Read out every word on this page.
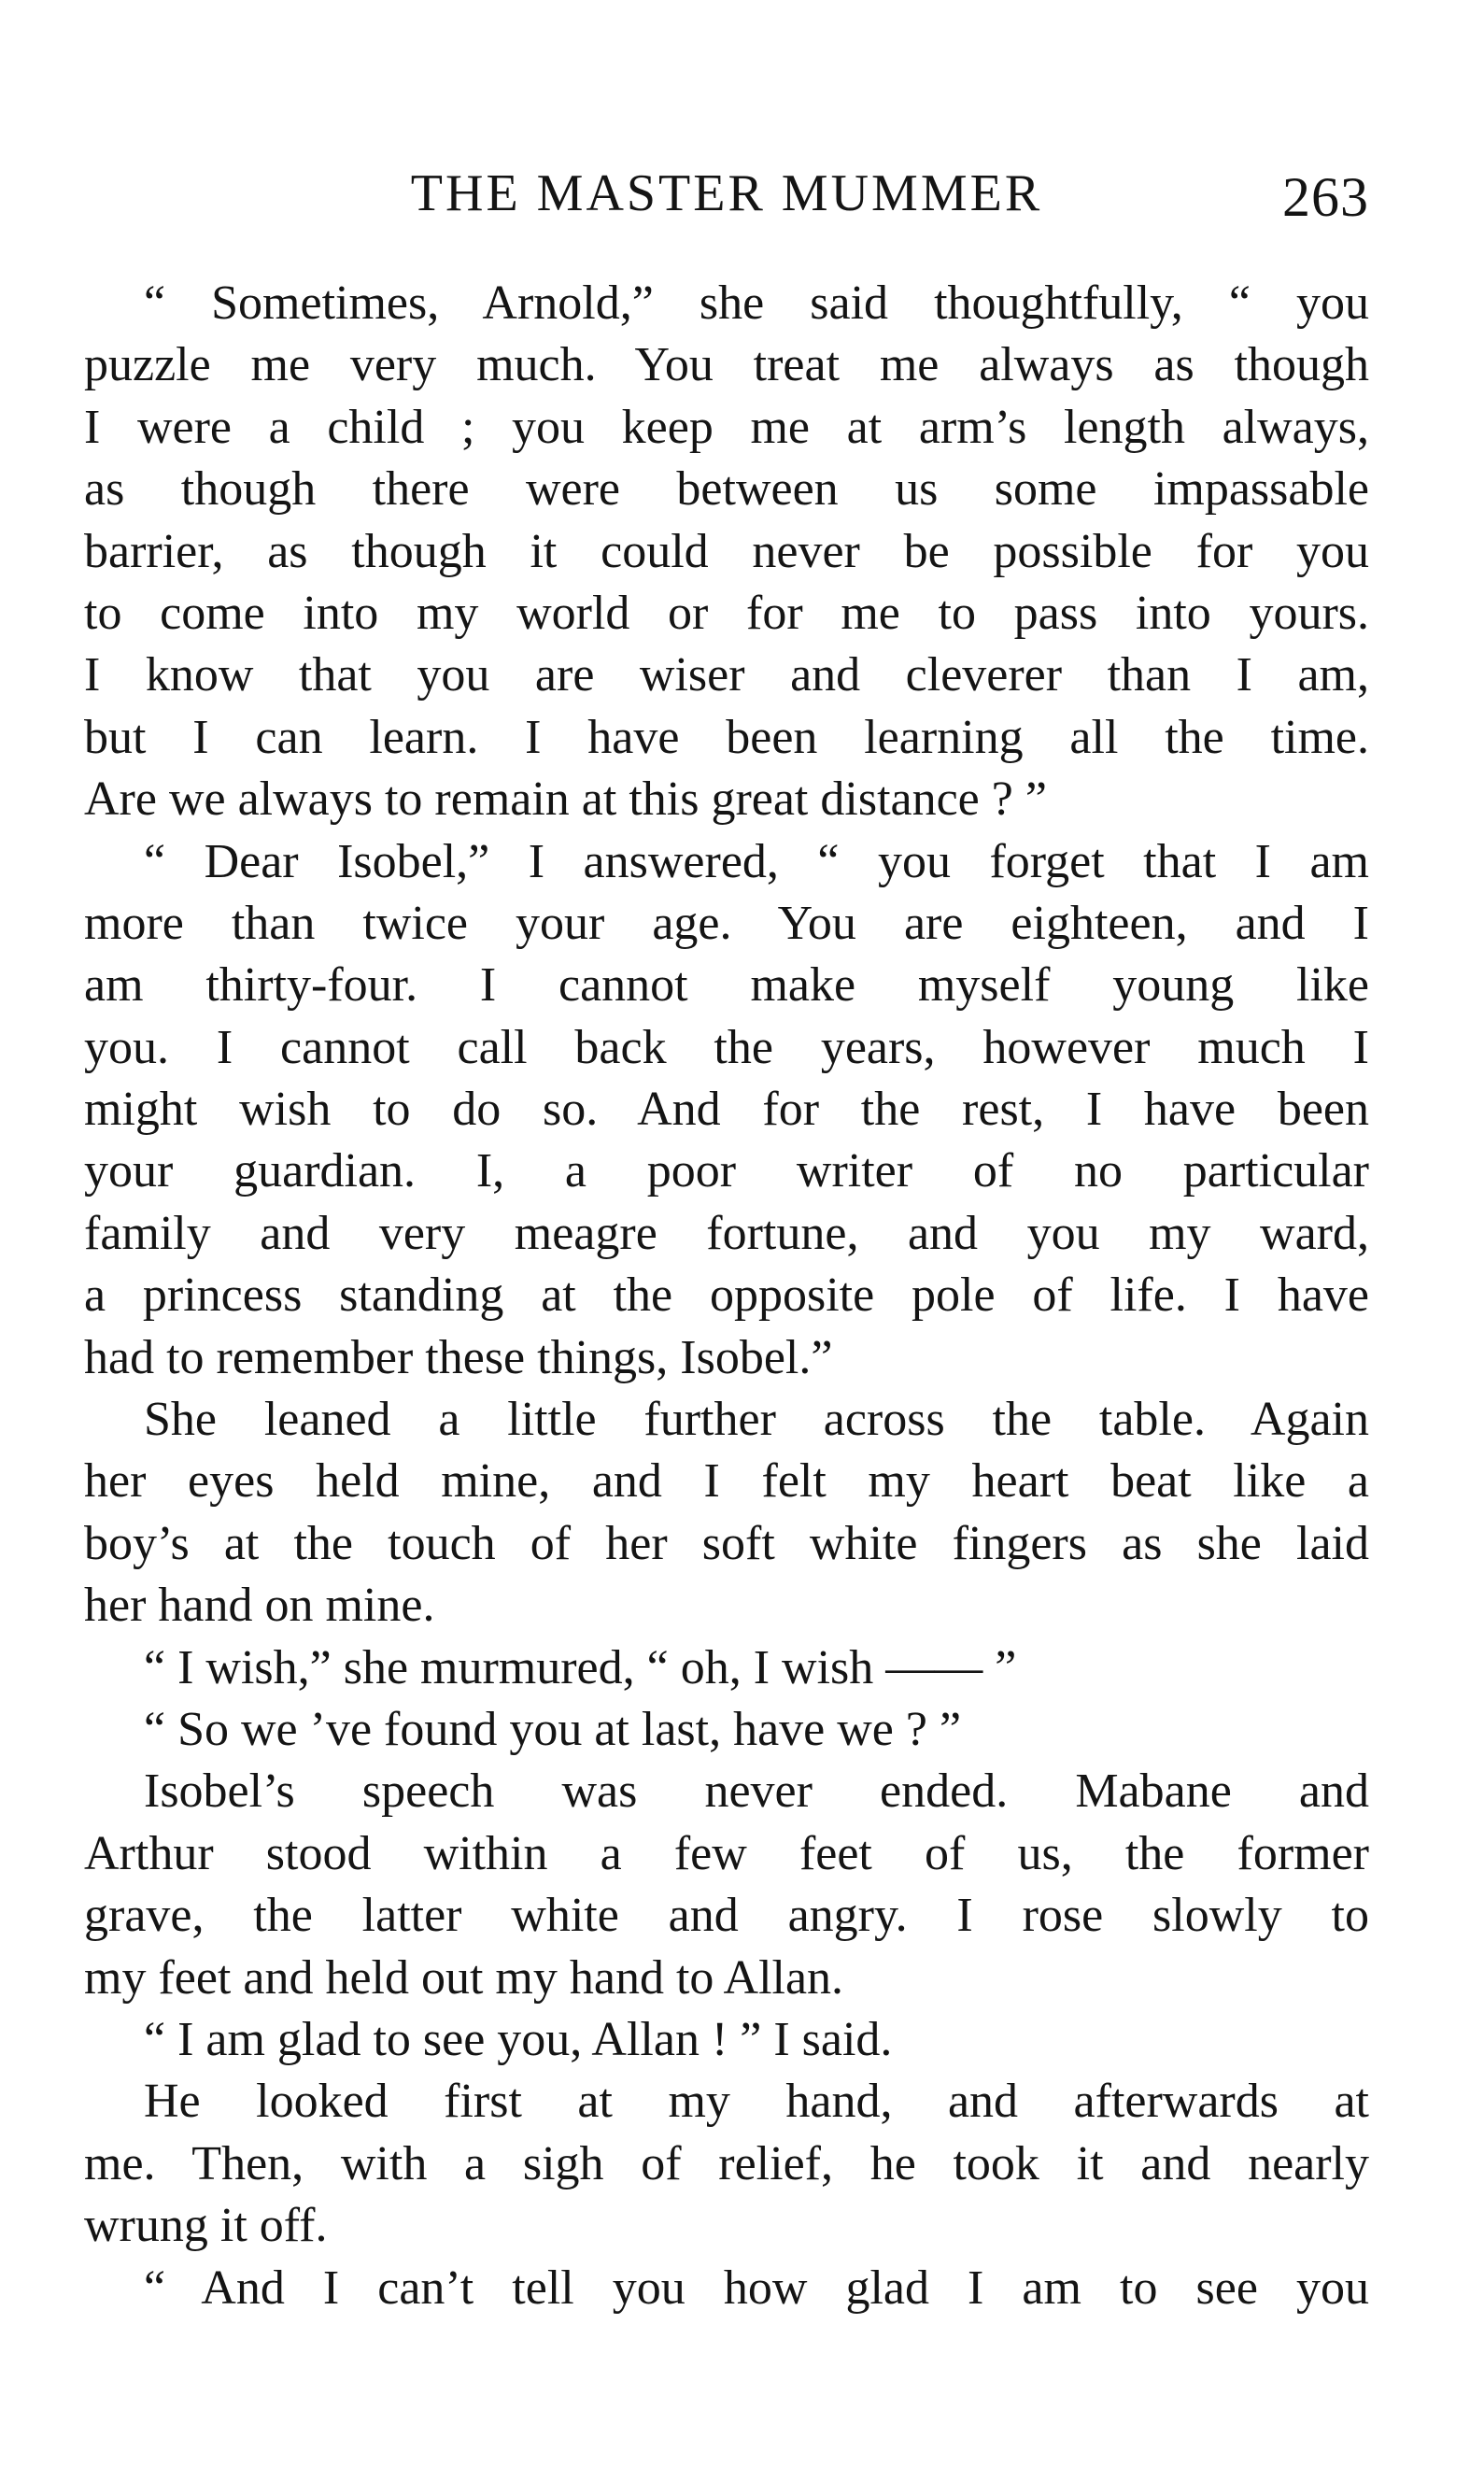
THE MASTER MUMMER	263
“ Sometimes, Arnold,” she said thoughtfully, “ you
puzzle me very much. You treat me always as though
I were a child ; you keep me at arm’s length always,
as though there were between us some impassable
barrier, as though it could never be possible for you
to come into my world or for me to pass into yours.
I know that you are wiser and cleverer than I am,
but I can learn. I have been learning all the time.
Are we always to remain at this great distance ? ”
“ Dear Isobel,” I answered, “ you forget that I am
more than twice your age. You are eighteen, and I
am thirty-four. I cannot make myself young like
you. I cannot call back the years, however much I
might wish to do so. And for the rest, I have been
your guardian. I, a poor writer of no particular
family and very meagre fortune, and you my ward,
a princess standing at the opposite pole of life. I have
had to remember these things, Isobel.”
She leaned a little further across the table. Again
her eyes held mine, and I felt my heart beat like a
boy’s at the touch of her soft white fingers as she laid
her hand on mine.
“ I wish,” she murmured, “ oh, I wish —— ”
“ So we ’ve found you at last, have we ? ”
Isobel’s speech was never ended. Mabane and
Arthur stood within a few feet of us, the former
grave, the latter white and angry. I rose slowly to
my feet and held out my hand to Allan.
“ I am glad to see you, Allan ! ” I said.
He looked first at my hand, and afterwards at
me. Then, with a sigh of relief, he took it and nearly
wrung it off.
“ And I can’t tell you how glad I am to see you
